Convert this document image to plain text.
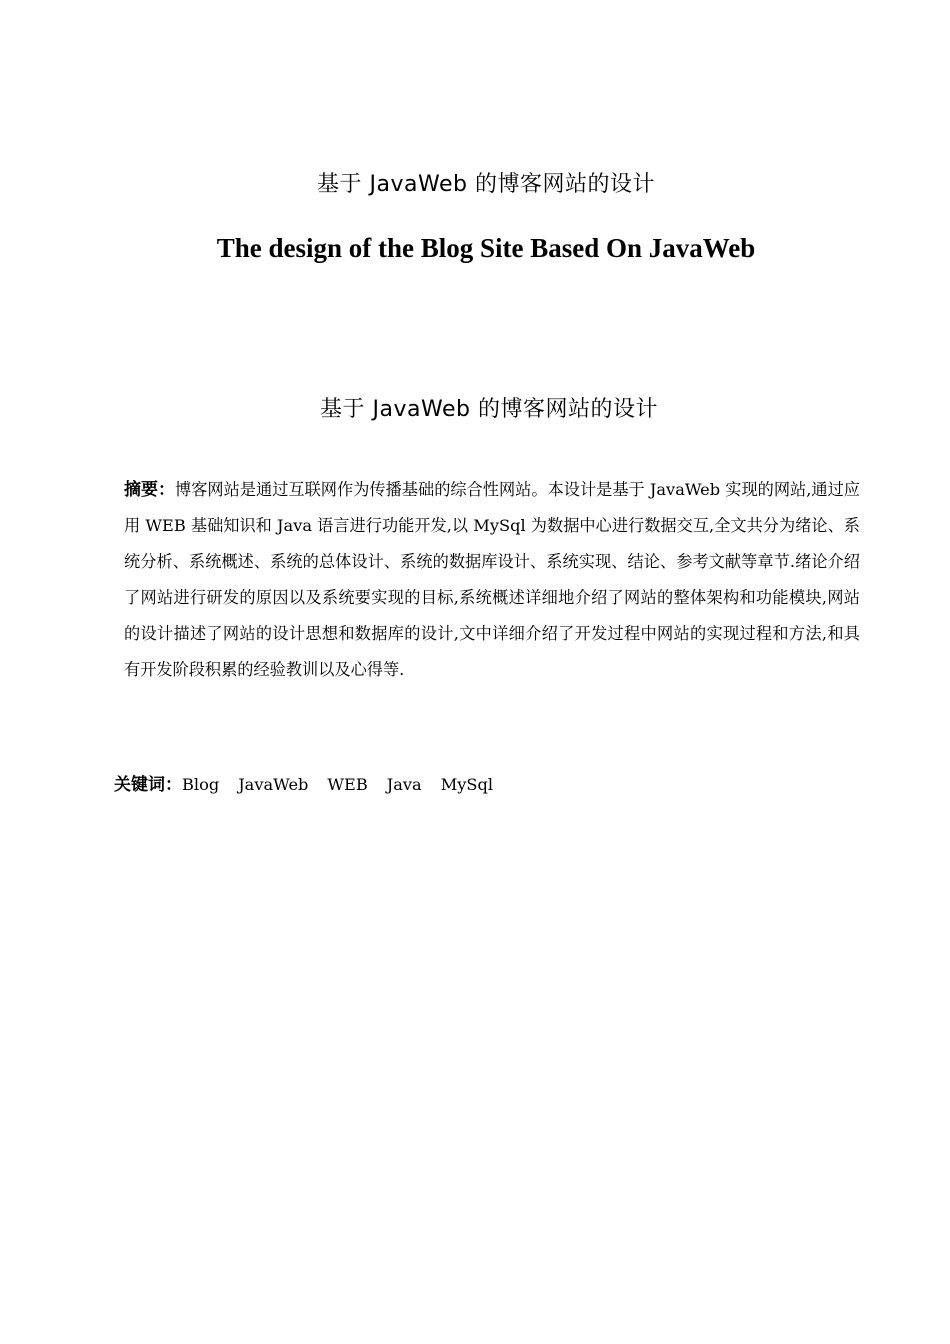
基于 JavaWeb 的博客网站的设计
The design of the Blog Site Based On JavaWeb
基于 JavaWeb 的博客网站的设计
摘要：博客网站是通过互联网作为传播基础的综合性网站。本设计是基于 JavaWeb 实现的网站,通过应用 WEB 基础知识和 Java 语言进行功能开发,以 MySql 为数据中心进行数据交互,全文共分为绪论、系统分析、系统概述、系统的总体设计、系统的数据库设计、系统实现、结论、参考文献等章节.绪论介绍了网站进行研发的原因以及系统要实现的目标,系统概述详细地介绍了网站的整体架构和功能模块,网站的设计描述了网站的设计思想和数据库的设计,文中详细介绍了开发过程中网站的实现过程和方法,和具有开发阶段积累的经验教训以及心得等.
关键词：Blog JavaWeb WEB Java MySql
